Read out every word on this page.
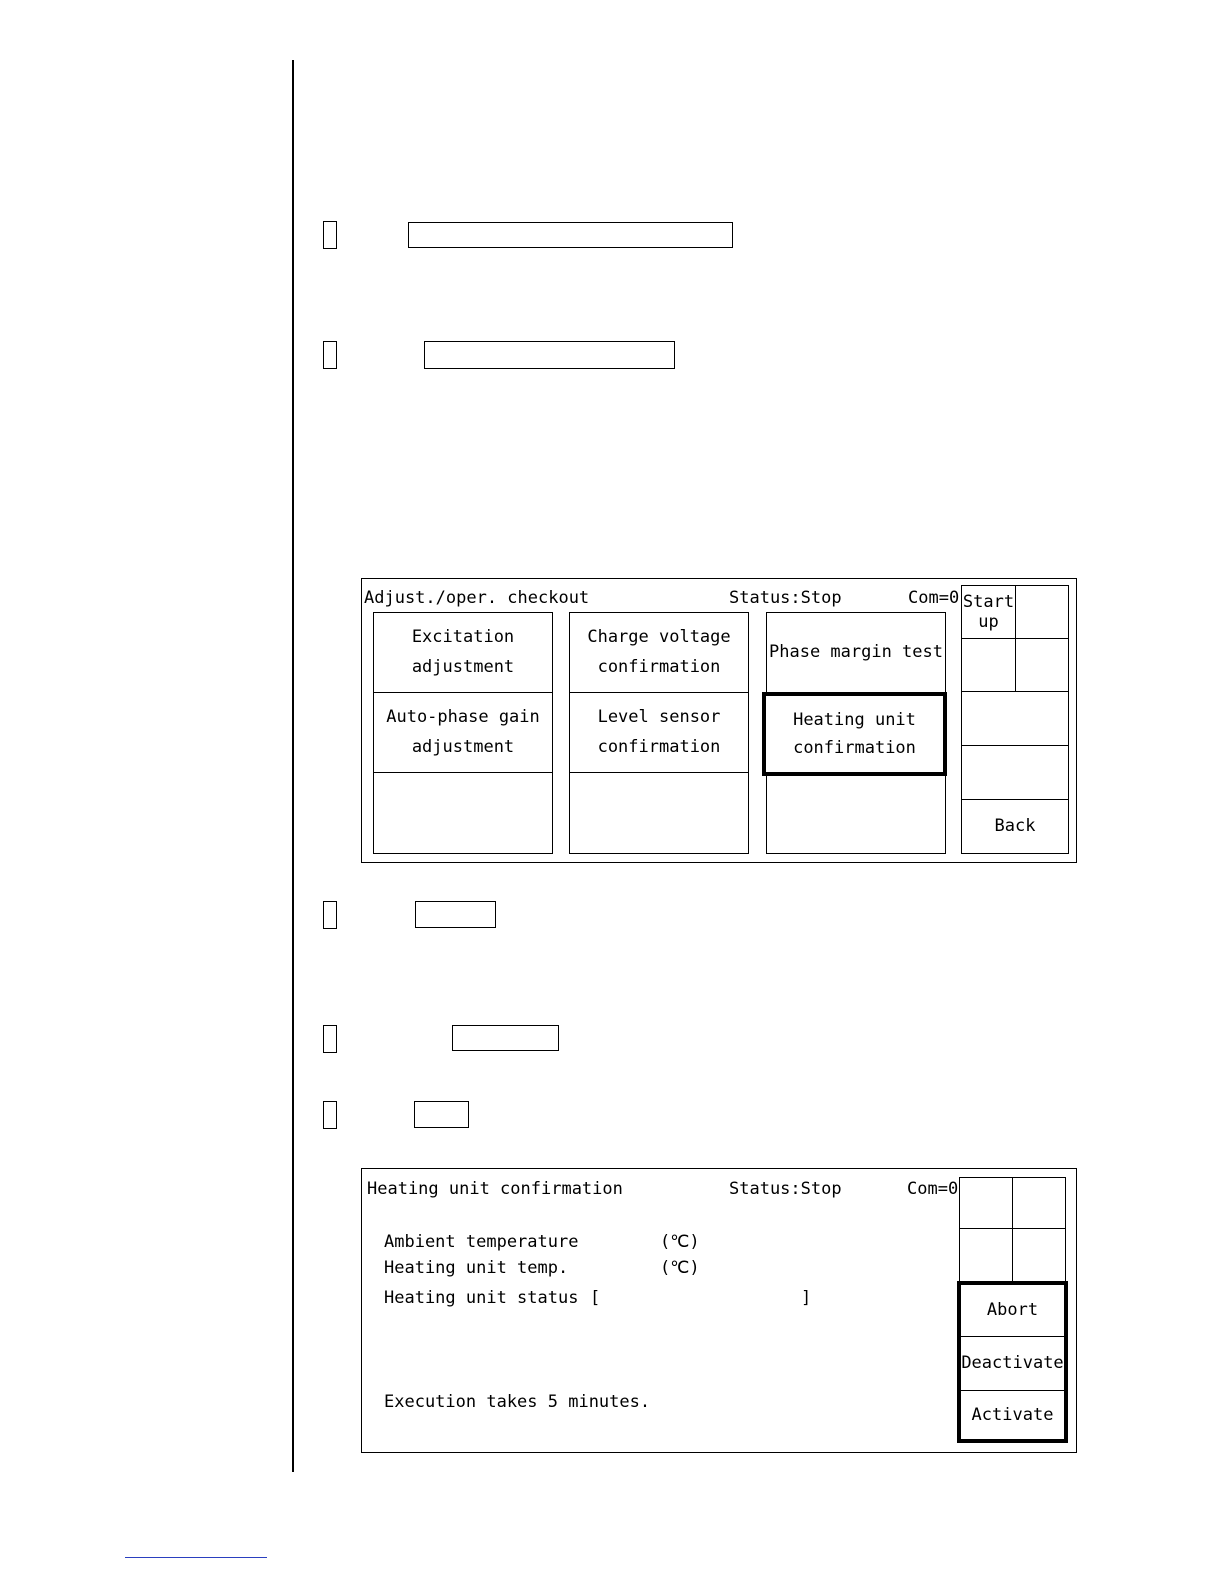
Adjust./oper. checkout	Status:Stop	Com=0
Excitation
adjustment
Auto-phase gain
adjustment
Charge voltage
confirmation
Level sensor
confirmation
Phase margin test
Heating unit
confirmation
Start
up
Back
Heating unit confirmation	Status:Stop	Com=0
Ambient temperature	(℃)
Heating unit temp.	(℃)
Heating unit status [	]
Execution takes 5 minutes.
Abort
Deactivate
Activate
